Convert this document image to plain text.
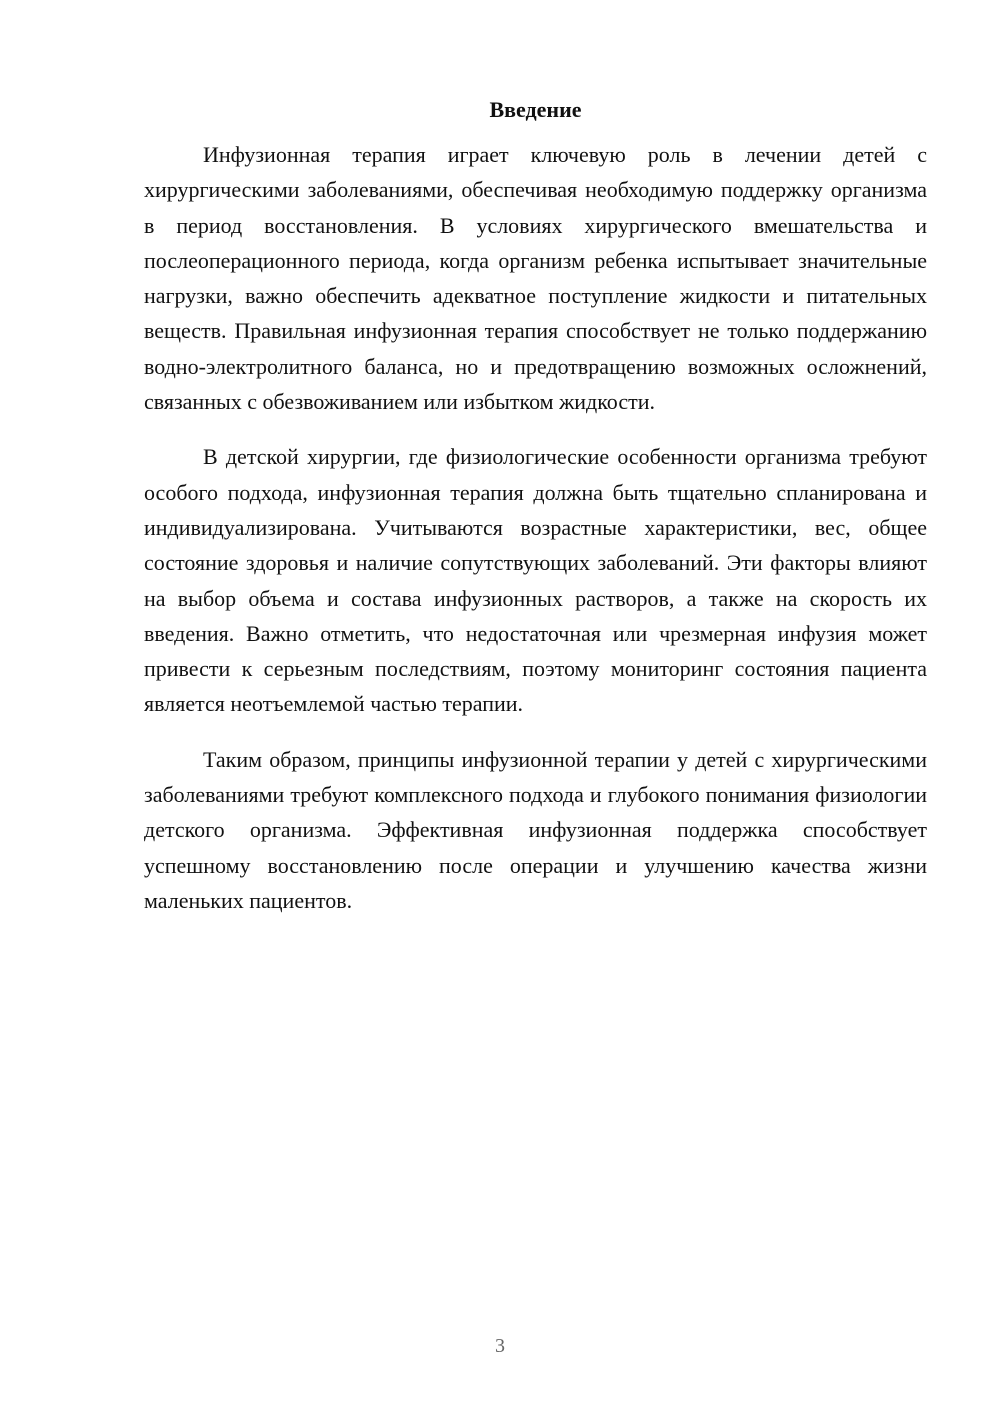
Введение

Инфузионная терапия играет ключевую роль в лечении детей с хирургическими заболеваниями, обеспечивая необходимую поддержку организма в период восстановления. В условиях хирургического вмешательства и послеоперационного периода, когда организм ребенка испытывает значительные нагрузки, важно обеспечить адекватное поступление жидкости и питательных веществ. Правильная инфузионная терапия способствует не только поддержанию водно-электролитного баланса, но и предотвращению возможных осложнений, связанных с обезвоживанием или избытком жидкости.

В детской хирургии, где физиологические особенности организма требуют особого подхода, инфузионная терапия должна быть тщательно спланирована и индивидуализирована. Учитываются возрастные характеристики, вес, общее состояние здоровья и наличие сопутствующих заболеваний. Эти факторы влияют на выбор объема и состава инфузионных растворов, а также на скорость их введения. Важно отметить, что недостаточная или чрезмерная инфузия может привести к серьезным последствиям, поэтому мониторинг состояния пациента является неотъемлемой частью терапии.

Таким образом, принципы инфузионной терапии у детей с хирургическими заболеваниями требуют комплексного подхода и глубокого понимания физиологии детского организма. Эффективная инфузионная поддержка способствует успешному восстановлению после операции и улучшению качества жизни маленьких пациентов.

3
